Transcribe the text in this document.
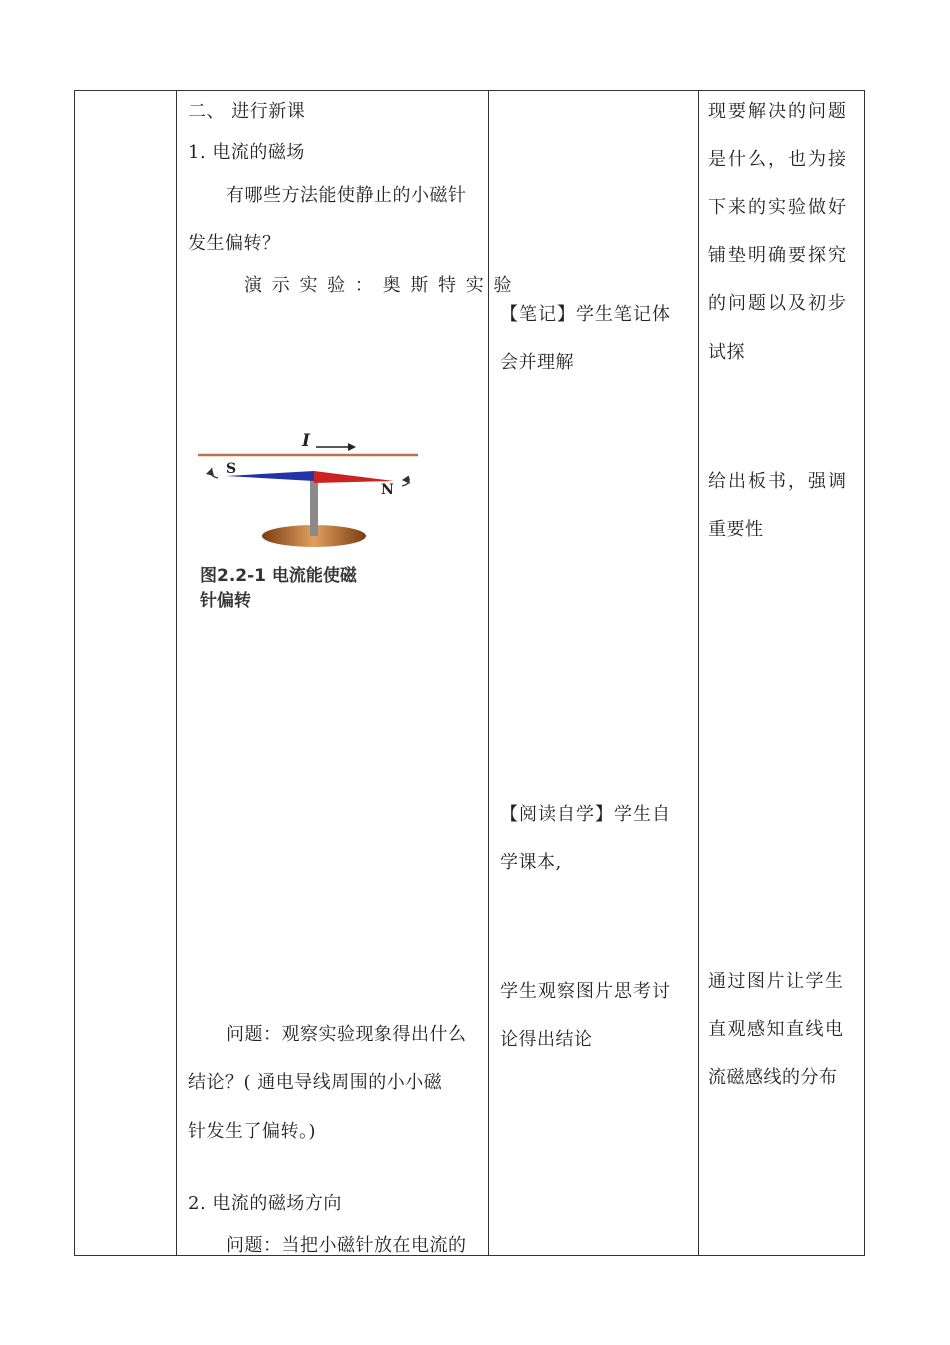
二、 进行新课
1. 电流的磁场
有哪些方法能使静止的小磁针
发生偏转？
演 示 实 验 ： 奥 斯 特 实 验
I
S
N
图2.2-1 电流能使磁
针偏转
问题：观察实验现象得出什么
结论？( 通电导线周围的小小磁
针发生了偏转。)
2. 电流的磁场方向
问题：当把小磁针放在电流的
【笔记】学生笔记体
会并理解
【阅读自学】学生自
学课本,
学生观察图片思考讨
论得出结论
现要解决的问题
是什么，也为接
下来的实验做好
铺垫明确要探究
的问题以及初步
试探
给出板书，强调
重要性
通过图片让学生
直观感知直线电
流磁感线的分布
